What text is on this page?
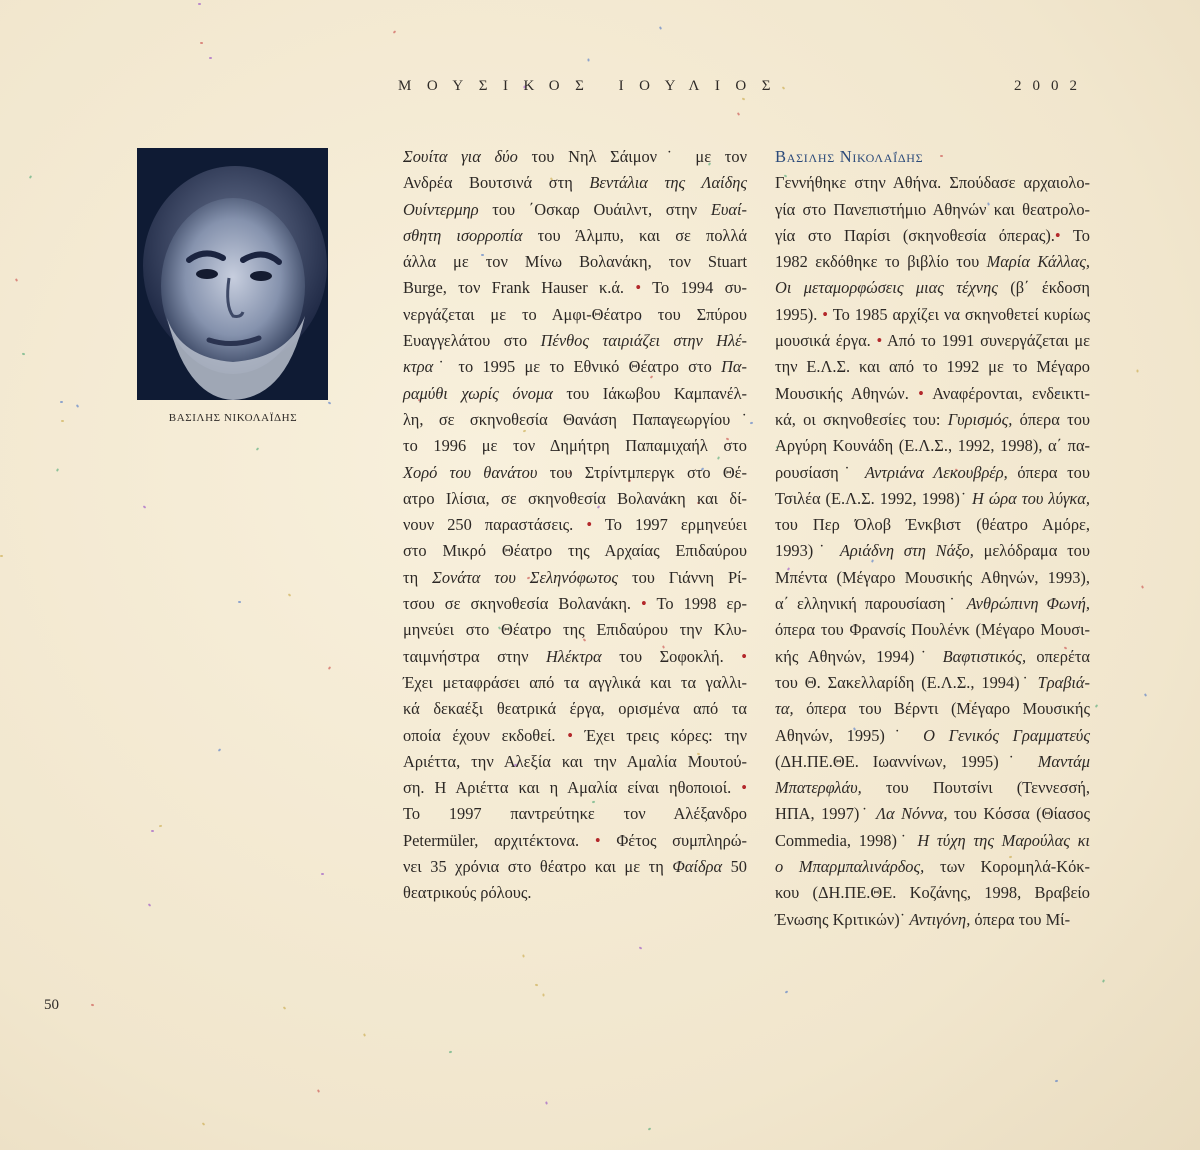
ΜΟΥΣΙΚΟΣ ΙΟΥΛΙΟΣ	2002
ΒΑΣΙΛΗΣ ΝΙΚΟΛΑΪΔΗΣ
Σουίτα για δύο του Νηλ Σάιμον˙ με τον
Ανδρέα Βουτσινά στη Βεντάλια της Λαίδης
Ουίντερμηρ του ΄Οσκαρ Ουάιλντ, στην Ευαί-
σθητη ισορροπία του Άλμπυ, και σε πολλά
άλλα με τον Μίνω Βολανάκη, τον Stuart
Burge, τον Frank Hauser κ.ά. • Το 1994 συ-
νεργάζεται με το Αμφι-Θέατρο του Σπύρου
Ευαγγελάτου στο Πένθος ταιριάζει στην Ηλέ-
κτρα˙ το 1995 με το Εθνικό Θέατρο στο Πα-
ραμύθι χωρίς όνομα του Ιάκωβου Καμπανέλ-
λη, σε σκηνοθεσία Θανάση Παπαγεωργίου˙
το 1996 με τον Δημήτρη Παπαμιχαήλ στο
Χορό του θανάτου του Στρίντμπεργκ στο Θέ-
ατρο Ιλίσια, σε σκηνοθεσία Βολανάκη και δί-
νουν 250 παραστάσεις. • Το 1997 ερμηνεύει
στο Μικρό Θέατρο της Αρχαίας Επιδαύρου
τη Σονάτα του Σεληνόφωτος του Γιάννη Ρί-
τσου σε σκηνοθεσία Βολανάκη. • Το 1998 ερ-
μηνεύει στο Θέατρο της Επιδαύρου την Κλυ-
ταιμνήστρα στην Ηλέκτρα του Σοφοκλή. •
Έχει μεταφράσει από τα αγγλικά και τα γαλλι-
κά δεκαέξι θεατρικά έργα, ορισμένα από τα
οποία έχουν εκδοθεί. • Έχει τρεις κόρες: την
Αριέττα, την Αλεξία και την Αμαλία Μουτού-
ση. Η Αριέττα και η Αμαλία είναι ηθοποιοί. •
Το 1997 παντρεύτηκε τον Αλέξανδρο
Petermüler, αρχιτέκτονα. • Φέτος συμπληρώ-
νει 35 χρόνια στο θέατρο και με τη Φαίδρα 50
θεατρικούς ρόλους.
Βασιλης Νικολαΐδης
Γεννήθηκε στην Αθήνα. Σπούδασε αρχαιολο-
γία στο Πανεπιστήμιο Αθηνών και θεατρολο-
γία στο Παρίσι (σκηνοθεσία όπερας).• Το
1982 εκδόθηκε το βιβλίο του Μαρία Κάλλας,
Οι μεταμορφώσεις μιας τέχνης (β΄ έκδοση
1995). • Το 1985 αρχίζει να σκηνοθετεί κυρίως
μουσικά έργα. • Από το 1991 συνεργάζεται με
την Ε.Λ.Σ. και από το 1992 με το Μέγαρο
Μουσικής Αθηνών. • Αναφέρονται, ενδεικτι-
κά, οι σκηνοθεσίες του: Γυρισμός, όπερα του
Αργύρη Κουνάδη (Ε.Λ.Σ., 1992, 1998), α΄ πα-
ρουσίαση˙ Αντριάνα Λεκουβρέρ, όπερα του
Τσιλέα (Ε.Λ.Σ. 1992, 1998)˙ Η ώρα του λύγκα,
του Περ Όλοβ Ένκβιστ (θέατρο Αμόρε,
1993)˙ Αριάδνη στη Νάξο, μελόδραμα του
Μπέντα (Μέγαρο Μουσικής Αθηνών, 1993),
α΄ ελληνική παρουσίαση˙ Ανθρώπινη Φωνή,
όπερα του Φρανσίς Πουλένκ (Μέγαρο Μουσι-
κής Αθηνών, 1994)˙ Βαφτιστικός, οπερέτα
του Θ. Σακελλαρίδη (Ε.Λ.Σ., 1994)˙ Τραβιά-
τα, όπερα του Βέρντι (Μέγαρο Μουσικής
Αθηνών, 1995)˙ Ο Γενικός Γραμματεύς
(ΔΗ.ΠΕ.ΘΕ. Ιωαννίνων, 1995)˙ Μαντάμ
Μπατερφλάυ, του Πουτσίνι (Τεννεσσή,
ΗΠΑ, 1997)˙ Λα Νόννα, του Κόσσα (Θίασος
Commedia, 1998)˙ Η τύχη της Μαρούλας κι
ο Μπαρμπαλινάρδος, των Κορομηλά-Κόκ-
κου (ΔΗ.ΠΕ.ΘΕ. Κοζάνης, 1998, Βραβείο
Ένωσης Κριτικών)˙ Αντιγόνη, όπερα του Μί-
50
